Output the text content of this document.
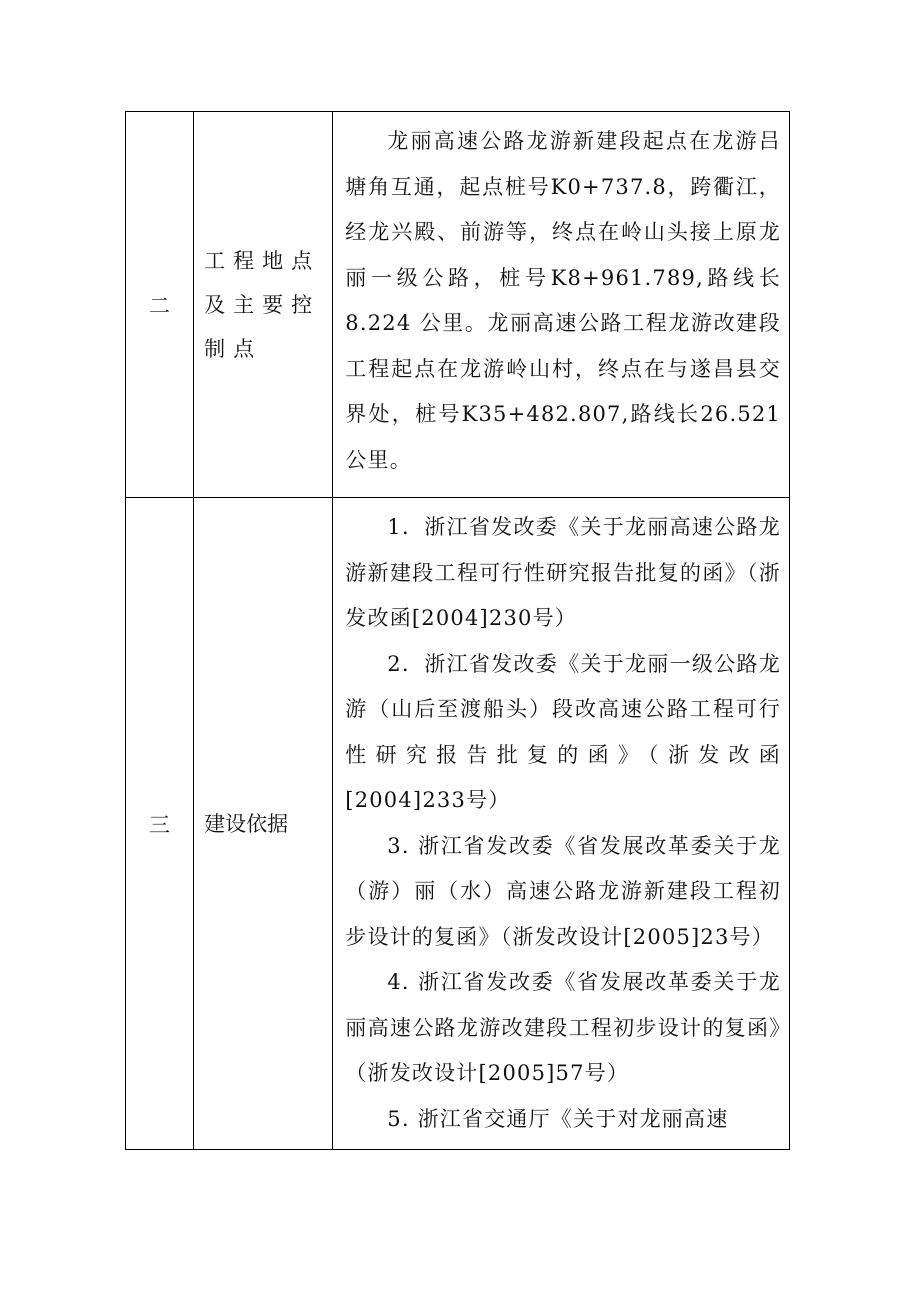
二	工程地点及主要控制点	龙丽高速公路龙游新建段起点在龙游吕塘角互通，起点桩号K0+737.8，跨衢江，经龙兴殿、前游等，终点在岭山头接上原龙丽一级公路，桩号K8+961.789,路线长8.224 公里。龙丽高速公路工程龙游改建段工程起点在龙游岭山村，终点在与遂昌县交界处，桩号K35+482.807,路线长26.521公里。

三	建设依据	1．浙江省发改委《关于龙丽高速公路龙游新建段工程可行性研究报告批复的函》（浙发改函[2004]230号）

2．浙江省发改委《关于龙丽一级公路龙游（山后至渡船头）段改高速公路工程可行性研究报告批复的函》（浙发改函[2004]233号）

3. 浙江省发改委《省发展改革委关于龙（游）丽（水）高速公路龙游新建段工程初步设计的复函》（浙发改设计[2005]23号）

4. 浙江省发改委《省发展改革委关于龙丽高速公路龙游改建段工程初步设计的复函》（浙发改设计[2005]57号）

5. 浙江省交通厅《关于对龙丽高速
